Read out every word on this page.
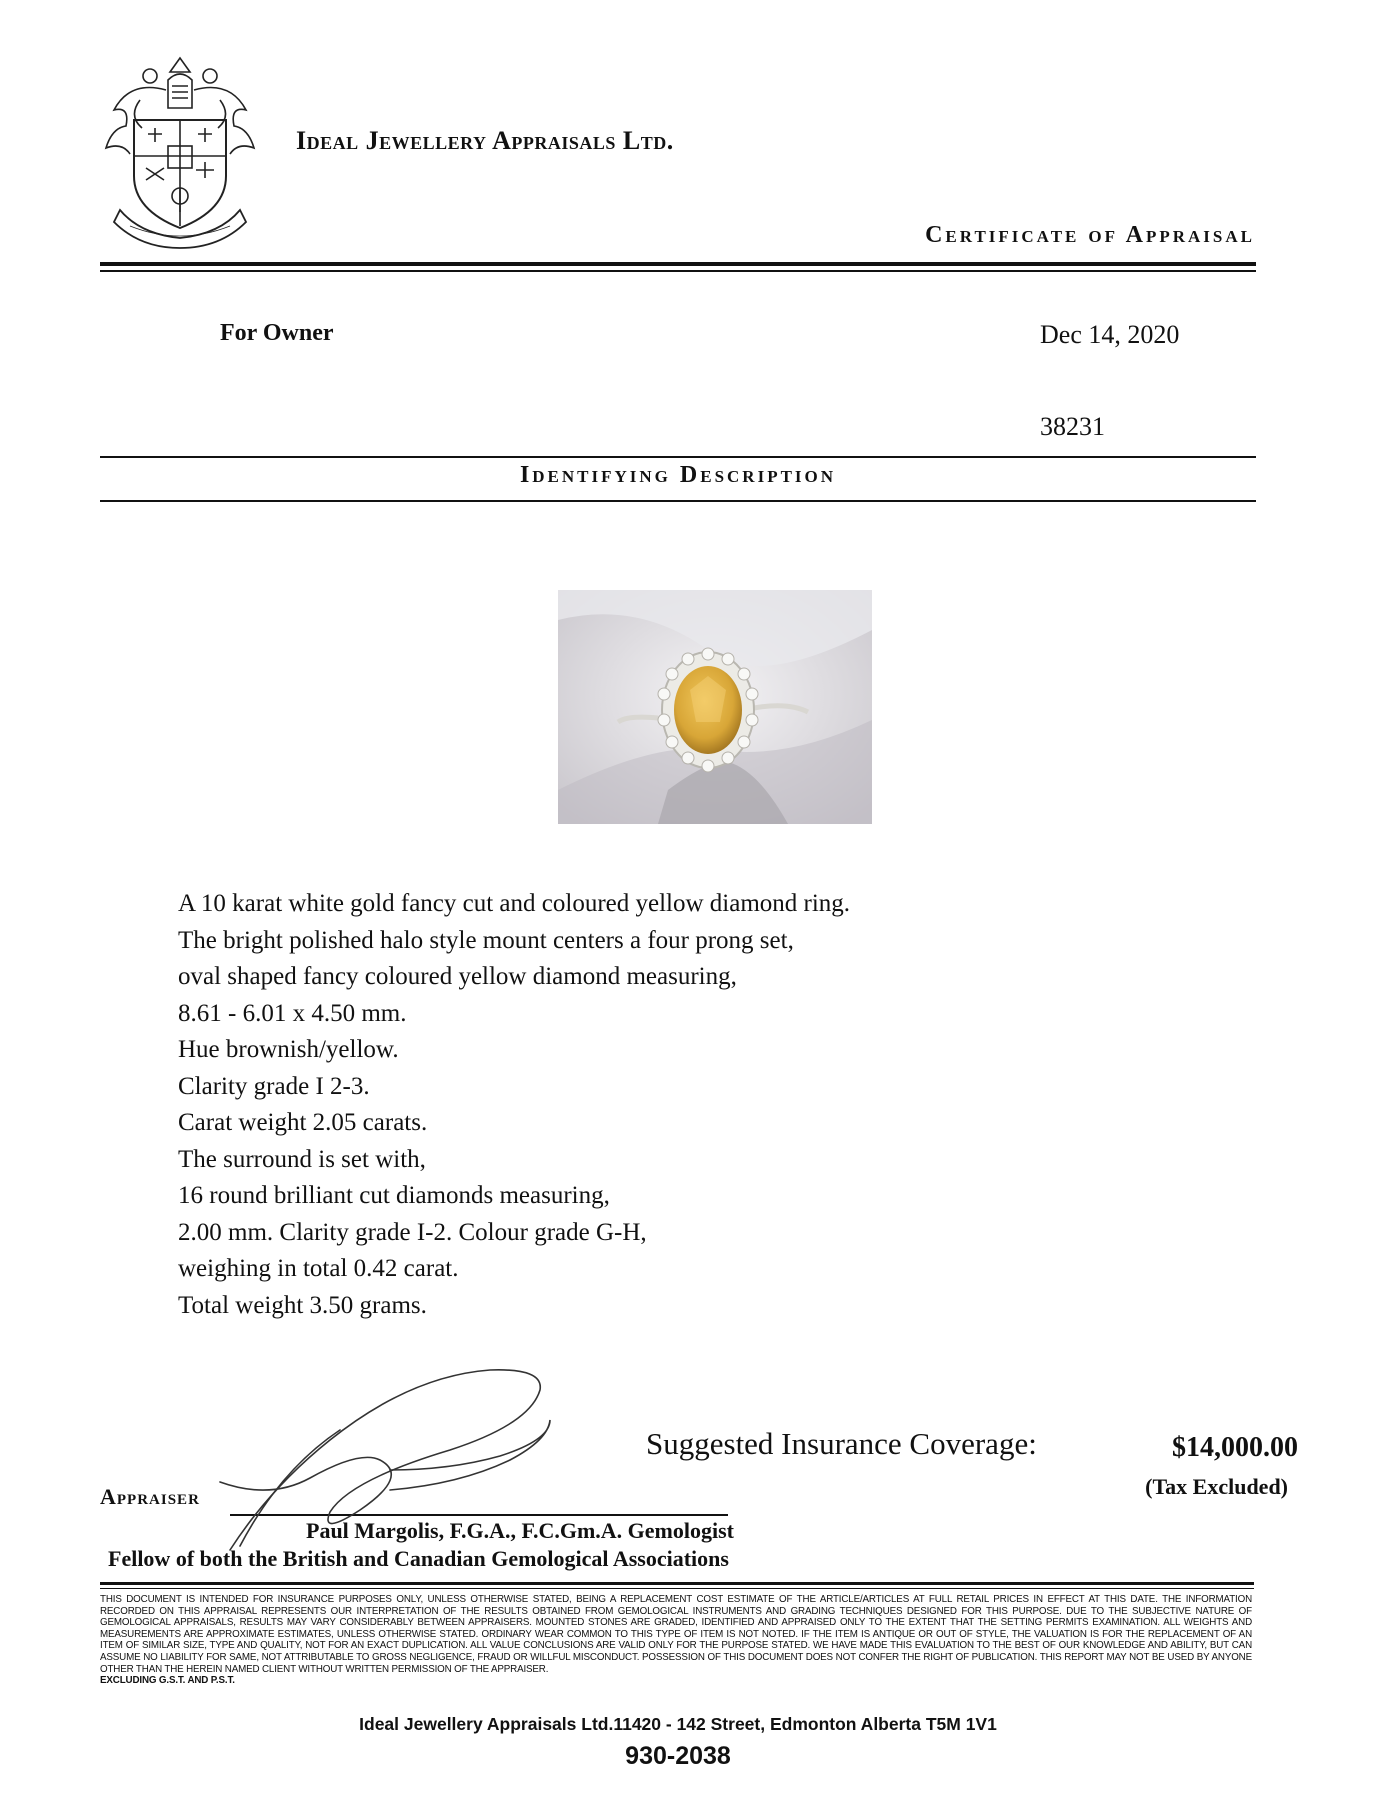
Ideal Jewellery Appraisals Ltd.
Certificate of Appraisal
For Owner	Dec 14, 2020
38231
Identifying Description
A 10 karat white gold fancy cut and coloured yellow diamond ring.
The bright polished halo style mount centers a four prong set,
oval shaped fancy coloured yellow diamond measuring,
8.61 - 6.01 x 4.50 mm.
Hue brownish/yellow.
Clarity grade I 2-3.
Carat weight 2.05 carats.
The surround is set with,
16 round brilliant cut diamonds measuring,
2.00 mm. Clarity grade I-2. Colour grade G-H,
weighing in total 0.42 carat.
Total weight 3.50 grams.
Suggested Insurance Coverage:	$14,000.00
(Tax Excluded)
Appraiser
Paul Margolis, F.G.A., F.C.Gm.A. Gemologist
Fellow of both the British and Canadian Gemological Associations
THIS DOCUMENT IS INTENDED FOR INSURANCE PURPOSES ONLY, UNLESS OTHERWISE STATED, BEING A REPLACEMENT COST ESTIMATE OF THE ARTICLE/ARTICLES AT FULL RETAIL PRICES IN EFFECT AT THIS DATE. THE INFORMATION RECORDED ON THIS APPRAISAL REPRESENTS OUR INTERPRETATION OF THE RESULTS OBTAINED FROM GEMOLOGICAL INSTRUMENTS AND GRADING TECHNIQUES DESIGNED FOR THIS PURPOSE. DUE TO THE SUBJECTIVE NATURE OF GEMOLOGICAL APPRAISALS, RESULTS MAY VARY CONSIDERABLY BETWEEN APPRAISERS. MOUNTED STONES ARE GRADED, IDENTIFIED AND APPRAISED ONLY TO THE EXTENT THAT THE SETTING PERMITS EXAMINATION. ALL WEIGHTS AND MEASUREMENTS ARE APPROXIMATE ESTIMATES, UNLESS OTHERWISE STATED. ORDINARY WEAR COMMON TO THIS TYPE OF ITEM IS NOT NOTED. IF THE ITEM IS ANTIQUE OR OUT OF STYLE, THE VALUATION IS FOR THE REPLACEMENT OF AN ITEM OF SIMILAR SIZE, TYPE AND QUALITY, NOT FOR AN EXACT DUPLICATION. ALL VALUE CONCLUSIONS ARE VALID ONLY FOR THE PURPOSE STATED. WE HAVE MADE THIS EVALUATION TO THE BEST OF OUR KNOWLEDGE AND ABILITY, BUT CAN ASSUME NO LIABILITY FOR SAME, NOT ATTRIBUTABLE TO GROSS NEGLIGENCE, FRAUD OR WILLFUL MISCONDUCT. POSSESSION OF THIS DOCUMENT DOES NOT CONFER THE RIGHT OF PUBLICATION. THIS REPORT MAY NOT BE USED BY ANYONE OTHER THAN THE HEREIN NAMED CLIENT WITHOUT WRITTEN PERMISSION OF THE APPRAISER.
EXCLUDING G.S.T. AND P.S.T.
Ideal Jewellery Appraisals Ltd.11420 - 142 Street, Edmonton Alberta T5M 1V1
930-2038
